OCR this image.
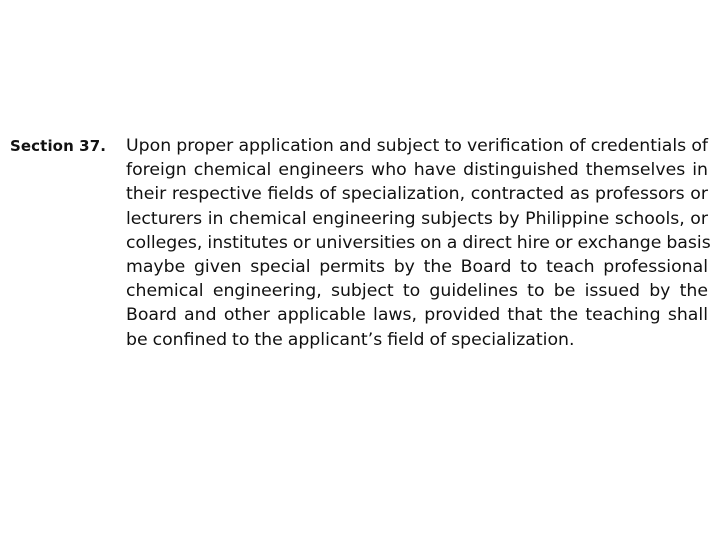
Section 37. Upon proper application and subject to verification of credentials of
foreign chemical engineers who have distinguished themselves in
their respective fields of specialization, contracted as professors or
lecturers in chemical engineering subjects by Philippine schools, or
colleges, institutes or universities on a direct hire or exchange basis
maybe given special permits by the Board to teach professional
chemical engineering, subject to guidelines to be issued by the
Board and other applicable laws, provided that the teaching shall
be confined to the applicant’s field of specialization.
